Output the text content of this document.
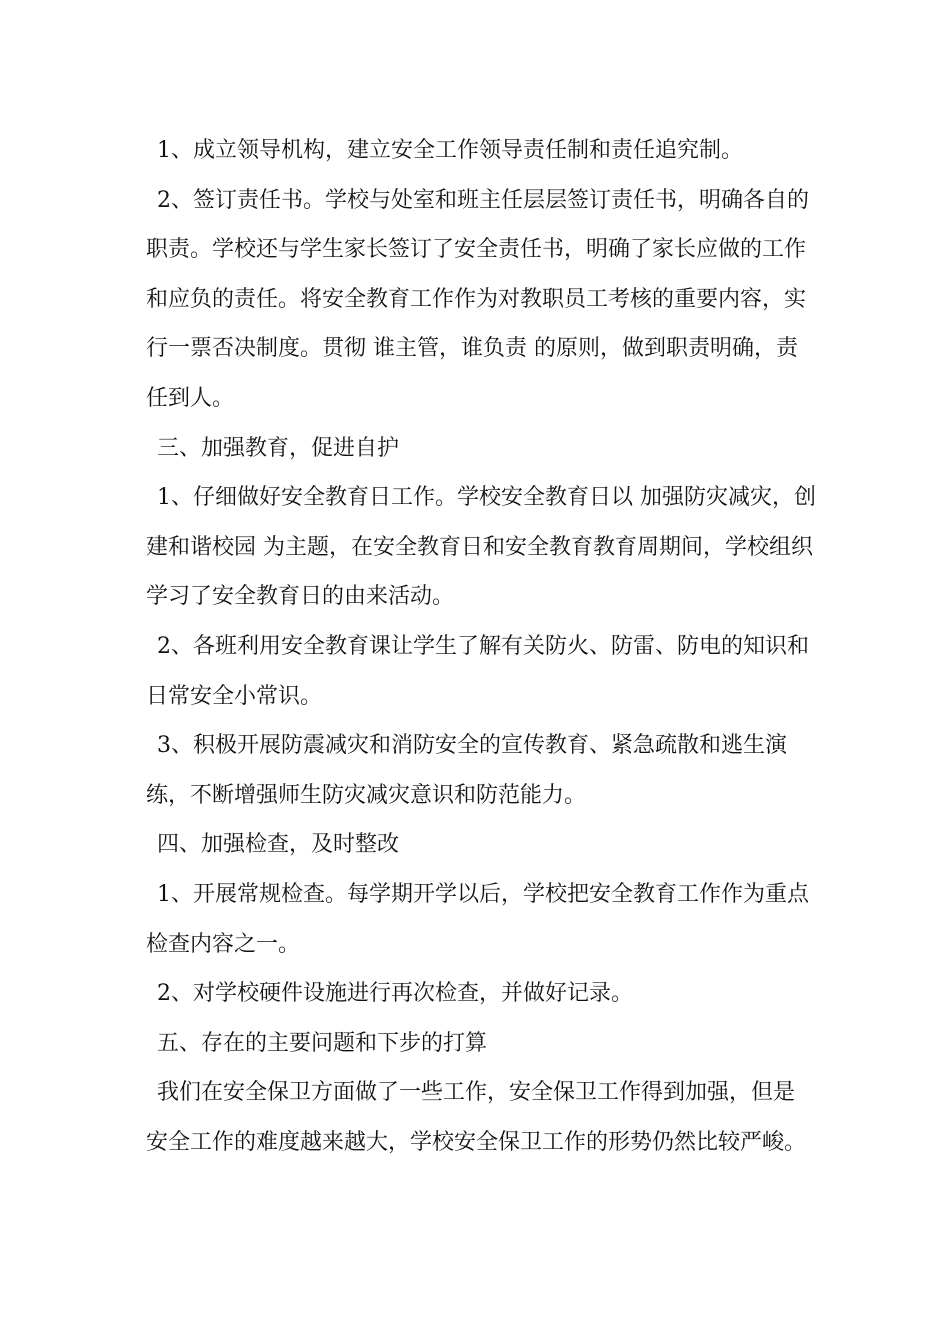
1、成立领导机构，建立安全工作领导责任制和责任追究制。

2、签订责任书。学校与处室和班主任层层签订责任书，明确各自的职责。学校还与学生家长签订了安全责任书，明确了家长应做的工作和应负的责任。将安全教育工作作为对教职员工考核的重要内容，实行一票否决制度。贯彻 谁主管，谁负责 的原则，做到职责明确，责任到人。

三、加强教育，促进自护

1、仔细做好安全教育日工作。学校安全教育日以 加强防灾减灾，创建和谐校园 为主题，在安全教育日和安全教育教育周期间，学校组织学习了安全教育日的由来活动。

2、各班利用安全教育课让学生了解有关防火、防雷、防电的知识和日常安全小常识。

3、积极开展防震减灾和消防安全的宣传教育、紧急疏散和逃生演练，不断增强师生防灾减灾意识和防范能力。

四、加强检查，及时整改

1、开展常规检查。每学期开学以后，学校把安全教育工作作为重点检查内容之一。

2、对学校硬件设施进行再次检查，并做好记录。

五、存在的主要问题和下步的打算

我们在安全保卫方面做了一些工作，安全保卫工作得到加强，但是安全工作的难度越来越大，学校安全保卫工作的形势仍然比较严峻。
